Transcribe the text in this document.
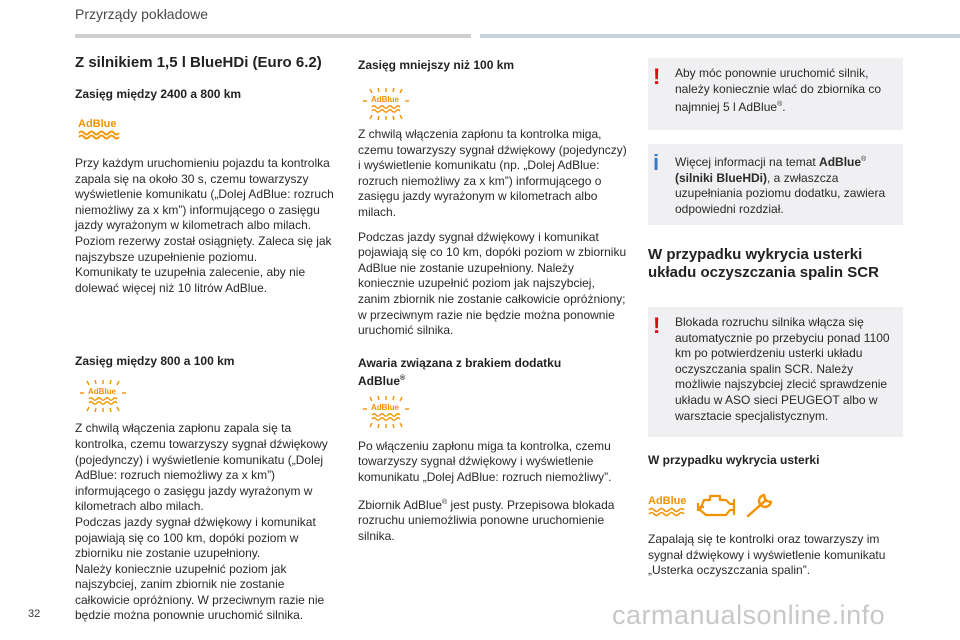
Przyrządy pokładowe
Z silnikiem 1,5 l BlueHDi (Euro 6.2)
Zasięg między 2400 a 800 km
AdBlue
Przy każdym uruchomieniu pojazdu ta kontrolka zapala się na około 30 s, czemu towarzyszy wyświetlenie komunikatu („Dolej AdBlue: rozruch niemożliwy za x km”) informującego o zasięgu jazdy wyrażonym w kilometrach albo milach.
Poziom rezerwy został osiągnięty. Zaleca się jak najszybsze uzupełnienie poziomu.
Komunikaty te uzupełnia zalecenie, aby nie dolewać więcej niż 10 litrów AdBlue.
Zasięg między 800 a 100 km
AdBlue
Z chwilą włączenia zapłonu zapala się ta kontrolka, czemu towarzyszy sygnał dźwiękowy (pojedynczy) i wyświetlenie komunikatu („Dolej AdBlue: rozruch niemożliwy za x km”) informującego o zasięgu jazdy wyrażonym w kilometrach albo milach.
Podczas jazdy sygnał dźwiękowy i komunikat pojawiają się co 100 km, dopóki poziom w zbiorniku nie zostanie uzupełniony.
Należy koniecznie uzupełnić poziom jak najszybciej, zanim zbiornik nie zostanie całkowicie opróżniony. W przeciwnym razie nie będzie można ponownie uruchomić silnika.
Zasięg mniejszy niż 100 km
AdBlue
Z chwilą włączenia zapłonu ta kontrolka miga, czemu towarzyszy sygnał dźwiękowy (pojedynczy) i wyświetlenie komunikatu (np. „Dolej AdBlue: rozruch niemożliwy za x km”) informującego o zasięgu jazdy wyrażonym w kilometrach albo milach.
Podczas jazdy sygnał dźwiękowy i komunikat pojawiają się co 10 km, dopóki poziom w zbiorniku AdBlue nie zostanie uzupełniony. Należy koniecznie uzupełnić poziom jak najszybciej, zanim zbiornik nie zostanie całkowicie opróżniony; w przeciwnym razie nie będzie można ponownie uruchomić silnika.
Awaria związana z brakiem dodatku
AdBlue®
AdBlue
Po włączeniu zapłonu miga ta kontrolka, czemu towarzyszy sygnał dźwiękowy i wyświetlenie komunikatu „Dolej AdBlue: rozruch niemożliwy”.
Zbiornik AdBlue® jest pusty. Przepisowa blokada rozruchu uniemożliwia ponowne uruchomienie silnika.
! Aby móc ponownie uruchomić silnik, należy koniecznie wlać do zbiornika co najmniej 5 l AdBlue®.
i Więcej informacji na temat AdBlue® (silniki BlueHDi), a zwłaszcza uzupełniania poziomu dodatku, zawiera odpowiedni rozdział.
W przypadku wykrycia usterki układu oczyszczania spalin SCR
! Blokada rozruchu silnika włącza się automatycznie po przebyciu ponad 1100 km po potwierdzeniu usterki układu oczyszczania spalin SCR. Należy możliwie najszybciej zlecić sprawdzenie układu w ASO sieci PEUGEOT albo w warsztacie specjalistycznym.
W przypadku wykrycia usterki
AdBlue
Zapalają się te kontrolki oraz towarzyszy im sygnał dźwiękowy i wyświetlenie komunikatu „Usterka oczyszczania spalin”.
32	carmanualsonline.info
